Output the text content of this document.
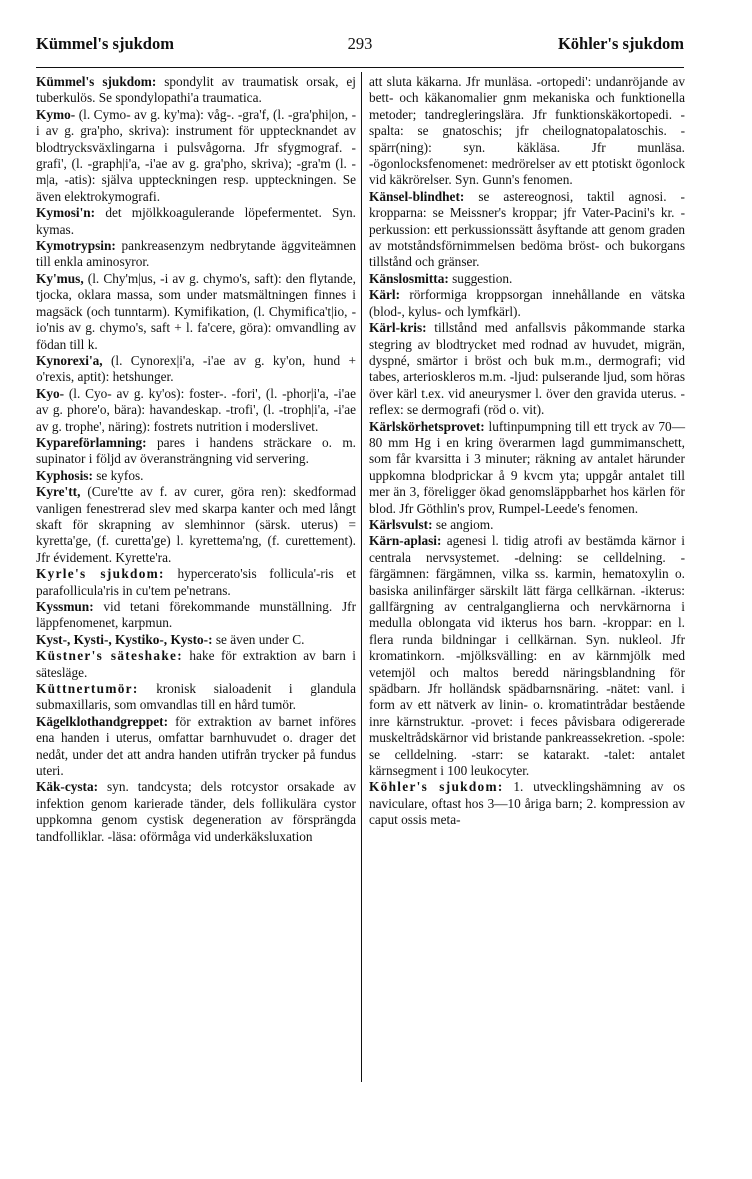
Kümmel's sjukdom	293	Köhler's sjukdom

Kümmel's sjukdom: spondylit av traumatisk orsak, ej tuberkulös. Se spondylopathi'a traumatica.

Kymo- (l. Cymo- av g. ky'ma): våg-. -gra'f, (l. -gra'phi|on, -i av g. gra'pho, skriva): instrument för upptecknandet av blodtrycksväxlingarna i pulsvågorna. Jfr sfygmograf. -grafi', (l. -graph|i'a, -i'ae av g. gra'pho, skriva); -gra'm (l. -m|a, -atis): själva uppteckningen resp. uppteckningen. Se även elektrokymografi.

Kymosi'n: det mjölkkoagulerande löpefermentet. Syn. kymas.

Kymotrypsin: pankreasenzym nedbrytande äggviteämnen till enkla aminosyror.

Ky'mus, (l. Chy'm|us, -i av g. chymo's, saft): den flytande, tjocka, oklara massa, som under matsmältningen finnes i magsäck (och tunntarm). Kymifikation, (l. Chymifica't|io, -io'nis av g. chymo's, saft + l. fa'cere, göra): omvandling av födan till k.

Kynorexi'a, (l. Cynorex|i'a, -i'ae av g. ky'on, hund + o'rexis, aptit): hetshunger.

Kyo- (l. Cyo- av g. ky'os): foster-. -fori', (l. -phor|i'a, -i'ae av g. phore'o, bära): havandeskap. -trofi', (l. -troph|i'a, -i'ae av g. trophe', näring): fostrets nutrition i moderslivet.

Kypareförlamning: pares i handens sträckare o. m. supinator i följd av överansträngning vid servering.

Kyphosis: se kyfos.

Kyre'tt, (Cure'tte av f. av curer, göra ren): skedformad vanligen fenestrerad slev med skarpa kanter och med långt skaft för skrapning av slemhinnor (särsk. uterus) = kyretta'ge, (f. curetta'ge) l. kyrettema'ng, (f. curettement). Jfr évidement. Kyrette'ra.

Kyrle's sjukdom: hypercerato'sis follicula'-ris et parafollicula'ris in cu'tem pe'netrans.

Kyssmun: vid tetani förekommande munställning. Jfr läppfenomenet, karpmun.

Kyst-, Kysti-, Kystiko-, Kysto-: se även under C.

Küstner's säteshake: hake för extraktion av barn i sätesläge.

Küttnertumör: kronisk sialoadenit i glandula submaxillaris, som omvandlas till en hård tumör.

Kägelklothandgreppet: för extraktion av barnet införes ena handen i uterus, omfattar barnhuvudet o. drager det nedåt, under det att andra handen utifrån trycker på fundus uteri.

Käk-cysta: syn. tandcysta; dels rotcystor orsakade av infektion genom karierade tänder, dels follikulära cystor uppkomna genom cystisk degeneration av försprängda tandfolliklar. -läsa: oförmåga vid underkäksluxation

att sluta käkarna. Jfr munläsa. -ortopedi': undanröjande av bett- och käkanomalier gnm mekaniska och funktionella metoder; tandregleringslära. Jfr funktionskäkortopedi. -spalta: se gnatoschis; jfr cheilognatopalatoschis. -spärr(ning): syn. käkläsa. Jfr munläsa. -ögonlocksfenomenet: medrörelser av ett ptotiskt ögonlock vid käkrörelser. Syn. Gunn's fenomen.

Känsel-blindhet: se astereognosi, taktil agnosi. -kropparna: se Meissner's kroppar; jfr Vater-Pacini's kr. -perkussion: ett perkussionssätt åsyftande att genom graden av motståndsförnimmelsen bedöma bröst- och bukorgans tillstånd och gränser.

Känslosmitta: suggestion.

Kärl: rörformiga kroppsorgan innehållande en vätska (blod-, kylus- och lymfkärl).

Kärl-kris: tillstånd med anfallsvis påkommande starka stegring av blodtrycket med rodnad av huvudet, migrän, dyspné, smärtor i bröst och buk m.m., dermografi; vid tabes, arterioskleros m.m. -ljud: pulserande ljud, som höras över kärl t.ex. vid aneurysmer l. över den gravida uterus. -reflex: se dermografi (röd o. vit).

Kärlskörhetsprovet: luftinpumpning till ett tryck av 70—80 mm Hg i en kring överarmen lagd gummimanschett, som får kvarsitta i 3 minuter; räkning av antalet härunder uppkomna blodprickar å 9 kvcm yta; uppgår antalet till mer än 3, föreligger ökad genomsläppbarhet hos kärlen för blod. Jfr Göthlin's prov, Rumpel-Leede's fenomen.

Kärlsvulst: se angiom.

Kärn-aplasi: agenesi l. tidig atrofi av bestämda kärnor i centrala nervsystemet. -delning: se celldelning. -färgämnen: färgämnen, vilka ss. karmin, hematoxylin o. basiska anilinfärger särskilt lätt färga cellkärnan. -ikterus: gallfärgning av centralganglierna och nervkärnorna i medulla oblongata vid ikterus hos barn. -kroppar: en l. flera runda bildningar i cellkärnan. Syn. nukleol. Jfr kromatinkorn. -mjölksvälling: en av kärnmjölk med vetemjöl och maltos beredd näringsblandning för spädbarn. Jfr holländsk spädbarnsnäring. -nätet: vanl. i form av ett nätverk av linin- o. kromatintrådar bestående inre kärnstruktur. -provet: i feces påvisbara odigererade muskeltrådskärnor vid bristande pankreassekretion. -spole: se celldelning. -starr: se katarakt. -talet: antalet kärnsegment i 100 leukocyter.

Köhler's sjukdom: 1. utvecklingshämning av os naviculare, oftast hos 3—10 åriga barn; 2. kompression av caput ossis meta-
